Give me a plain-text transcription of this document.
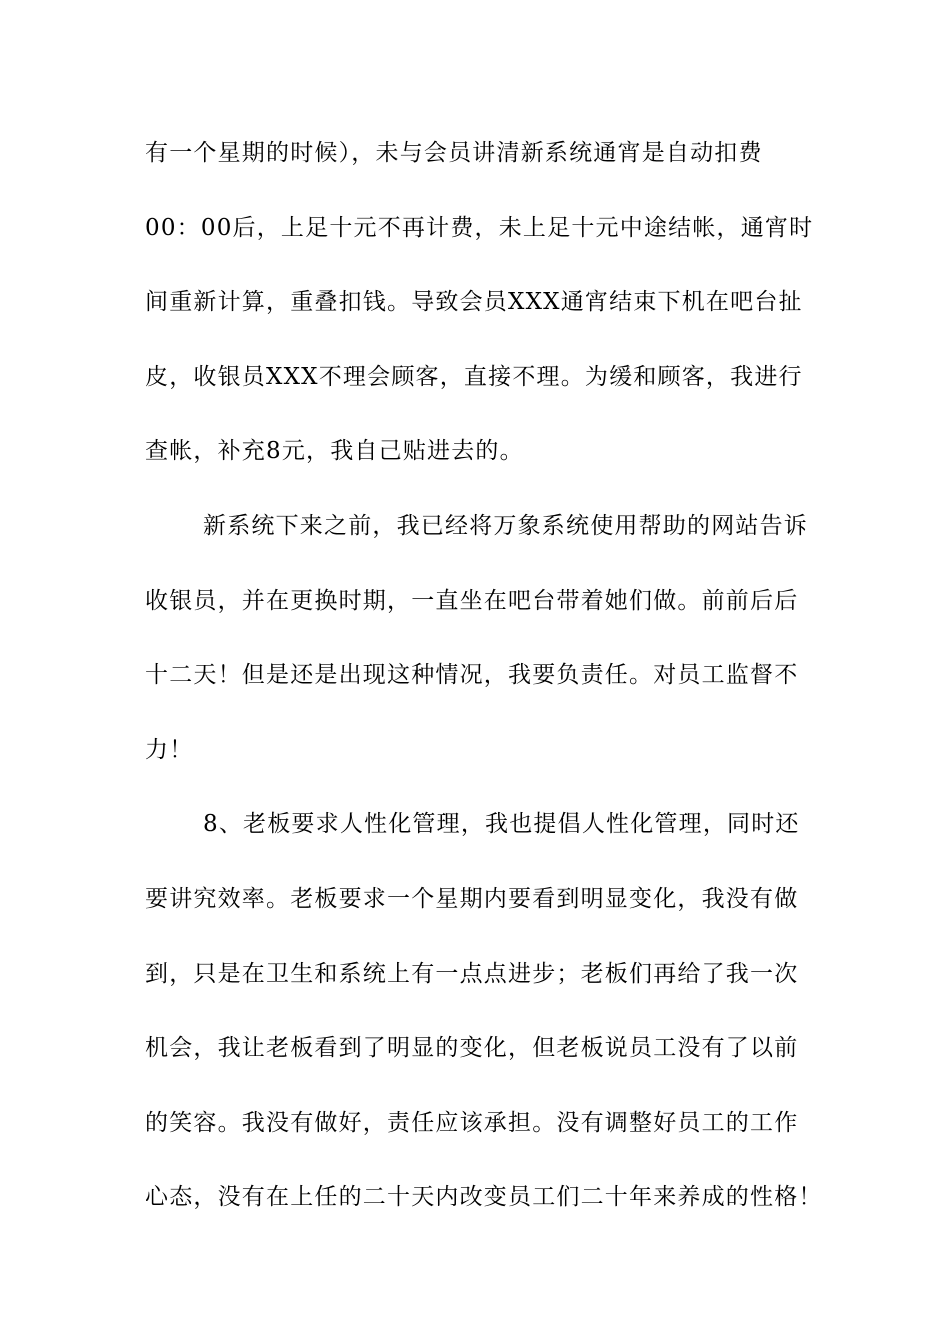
有一个星期的时候），未与会员讲清新系统通宵是自动扣费
00：00后，上足十元不再计费，未上足十元中途结帐，通宵时
间重新计算，重叠扣钱。导致会员XXX通宵结束下机在吧台扯
皮，收银员XXX不理会顾客，直接不理。为缓和顾客，我进行
查帐，补充8元，我自己贴进去的。
新系统下来之前，我已经将万象系统使用帮助的网站告诉
收银员，并在更换时期，一直坐在吧台带着她们做。前前后后
十二天！但是还是出现这种情况，我要负责任。对员工监督不
力！
8、老板要求人性化管理，我也提倡人性化管理，同时还
要讲究效率。老板要求一个星期内要看到明显变化，我没有做
到，只是在卫生和系统上有一点点进步；老板们再给了我一次
机会，我让老板看到了明显的变化，但老板说员工没有了以前
的笑容。我没有做好，责任应该承担。没有调整好员工的工作
心态，没有在上任的二十天内改变员工们二十年来养成的性格！
